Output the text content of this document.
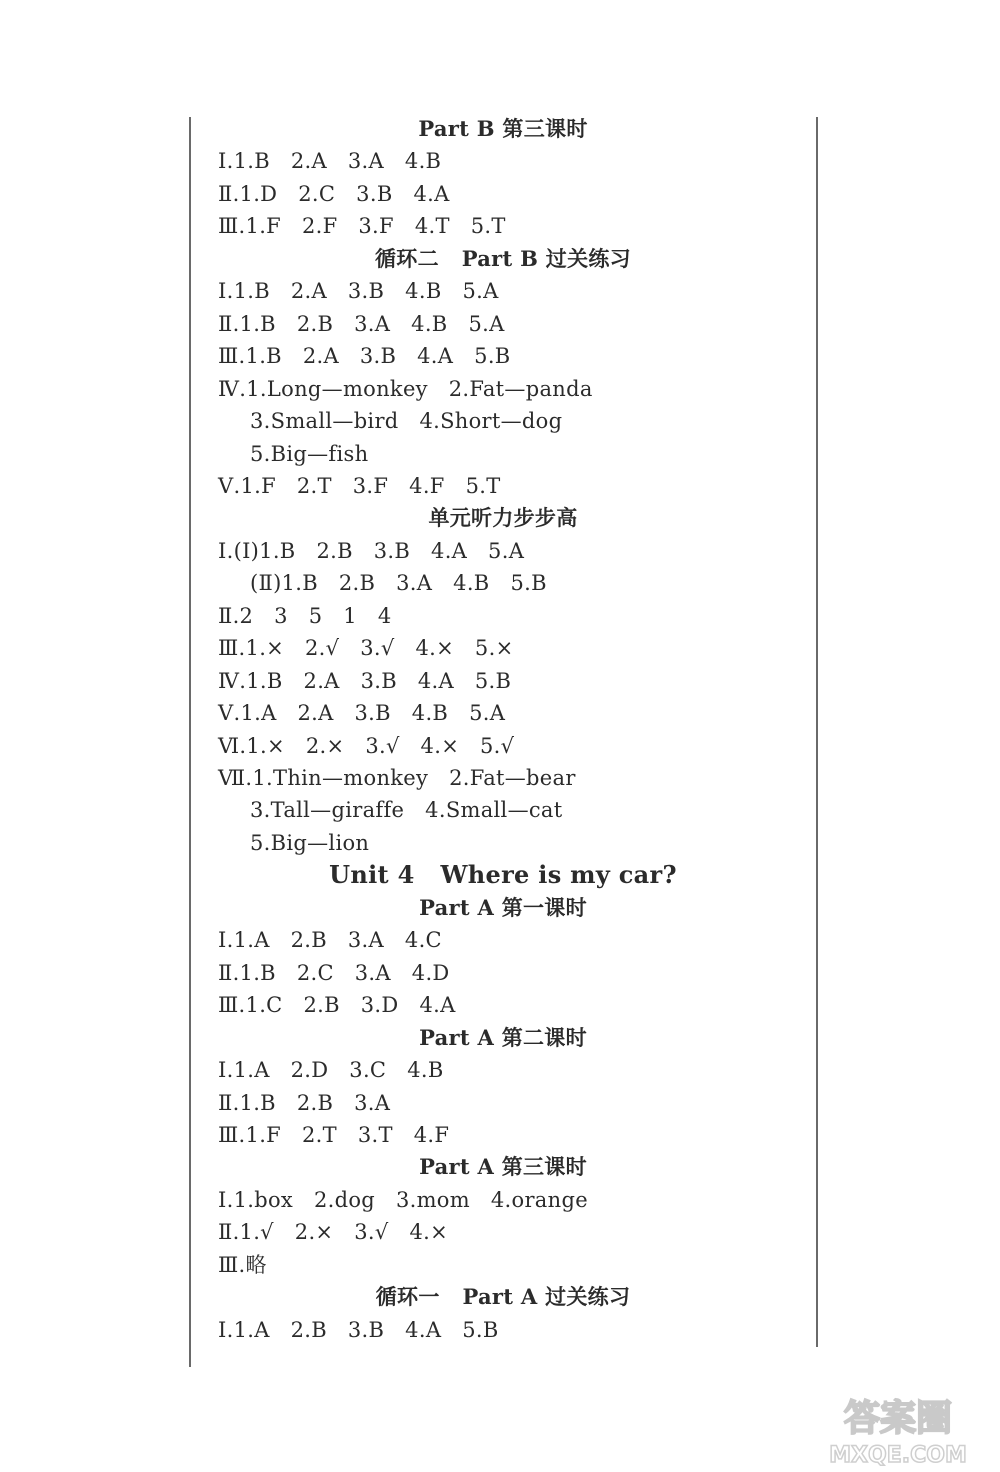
Part B 第三课时
Ⅰ.1.B   2.A   3.A   4.B
Ⅱ.1.D   2.C   3.B   4.A
Ⅲ.1.F   2.F   3.F   4.T   5.T
循环二   Part B 过关练习
Ⅰ.1.B   2.A   3.B   4.B   5.A
Ⅱ.1.B   2.B   3.A   4.B   5.A
Ⅲ.1.B   2.A   3.B   4.A   5.B
Ⅳ.1.Long—monkey   2.Fat—panda
3.Small—bird   4.Short—dog
5.Big—fish
Ⅴ.1.F   2.T   3.F   4.F   5.T
单元听力步步高
Ⅰ.(Ⅰ)1.B   2.B   3.B   4.A   5.A
(Ⅱ)1.B   2.B   3.A   4.B   5.B
Ⅱ.2   3   5   1   4
Ⅲ.1.×   2.√   3.√   4.×   5.×
Ⅳ.1.B   2.A   3.B   4.A   5.B
Ⅴ.1.A   2.A   3.B   4.B   5.A
Ⅵ.1.×   2.×   3.√   4.×   5.√
Ⅶ.1.Thin—monkey   2.Fat—bear
3.Tall—giraffe   4.Small—cat
5.Big—lion
Unit 4   Where is my car?
Part A 第一课时
Ⅰ.1.A   2.B   3.A   4.C
Ⅱ.1.B   2.C   3.A   4.D
Ⅲ.1.C   2.B   3.D   4.A
Part A 第二课时
Ⅰ.1.A   2.D   3.C   4.B
Ⅱ.1.B   2.B   3.A
Ⅲ.1.F   2.T   3.T   4.F
Part A 第三课时
Ⅰ.1.box   2.dog   3.mom   4.orange
Ⅱ.1.√   2.×   3.√   4.×
Ⅲ.略
循环一   Part A 过关练习
Ⅰ.1.A   2.B   3.B   4.A   5.B
答案圈
MXQE.COM
